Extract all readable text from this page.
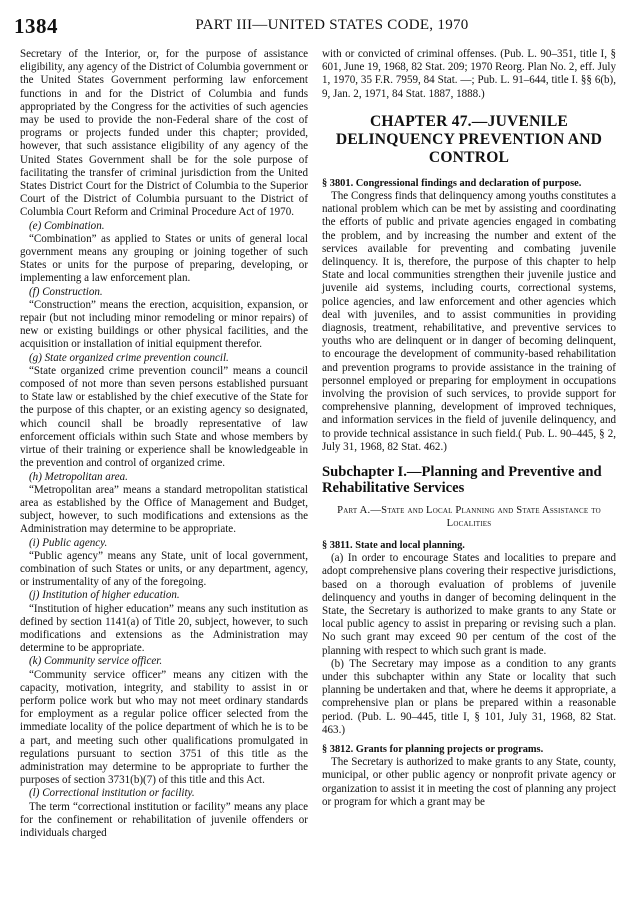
1384	PART III—UNITED STATES CODE, 1970

Secretary of the Interior, or, for the purpose of assistance eligibility, any agency of the District of Columbia government or the United States Government performing law enforcement functions in and for the District of Columbia and funds appropriated by the Congress for the activities of such agencies may be used to provide the non-Federal share of the cost of programs or projects funded under this chapter; provided, however, that such assistance eligibility of any agency of the United States Government shall be for the sole purpose of facilitating the transfer of criminal jurisdiction from the United States District Court for the District of Columbia to the Superior Court of the District of Columbia pursuant to the District of Columbia Court Reform and Criminal Procedure Act of 1970.

(e) Combination.

“Combination” as applied to States or units of general local government means any grouping or joining together of such States or units for the purpose of preparing, developing, or implementing a law enforcement plan.

(f) Construction.

“Construction” means the erection, acquisition, expansion, or repair (but not including minor remodeling or minor repairs) of new or existing buildings or other physical facilities, and the acquisition or installation of initial equipment therefor.

(g) State organized crime prevention council.

“State organized crime prevention council” means a council composed of not more than seven persons established pursuant to State law or established by the chief executive of the State for the purpose of this chapter, or an existing agency so designated, which council shall be broadly representative of law enforcement officials within such State and whose members by virtue of their training or experience shall be knowledgeable in the prevention and control of organized crime.

(h) Metropolitan area.

“Metropolitan area” means a standard metropolitan statistical area as established by the Office of Management and Budget, subject, however, to such modifications and extensions as the Administration may determine to be appropriate.

(i) Public agency.

“Public agency” means any State, unit of local government, combination of such States or units, or any department, agency, or instrumentality of any of the foregoing.

(j) Institution of higher education.

“Institution of higher education” means any such institution as defined by section 1141(a) of Title 20, subject, however, to such modifications and extensions as the Administration may determine to be appropriate.

(k) Community service officer.

“Community service officer” means any citizen with the capacity, motivation, integrity, and stability to assist in or perform police work but who may not meet ordinary standards for employment as a regular police officer selected from the immediate locality of the police department of which he is to be a part, and meeting such other qualifications promulgated in regulations pursuant to section 3751 of this title as the administration may determine to be appropriate to further the purposes of section 3731(b)(7) of this title and this Act.

(l) Correctional institution or facility.

The term “correctional institution or facility” means any place for the confinement or rehabilitation of juvenile offenders or individuals charged

with or convicted of criminal offenses. (Pub. L. 90–351, title I, § 601, June 19, 1968, 82 Stat. 209; 1970 Reorg. Plan No. 2, eff. July 1, 1970, 35 F.R. 7959, 84 Stat. —; Pub. L. 91–644, title I. §§ 6(b), 9, Jan. 2, 1971, 84 Stat. 1887, 1888.)

CHAPTER 47.—JUVENILE DELINQUENCY PREVENTION AND CONTROL

§ 3801. Congressional findings and declaration of purpose.

The Congress finds that delinquency among youths constitutes a national problem which can be met by assisting and coordinating the efforts of public and private agencies engaged in combating the problem, and by increasing the number and extent of the services available for preventing and combating juvenile delinquency. It is, therefore, the purpose of this chapter to help State and local communities strengthen their juvenile justice and juvenile aid systems, including courts, correctional systems, police agencies, and law enforcement and other agencies which deal with juveniles, and to assist communities in providing diagnosis, treatment, rehabilitative, and preventive services to youths who are delinquent or in danger of becoming delinquent, to encourage the development of community-based rehabilitation and prevention programs to provide assistance in the training of personnel employed or preparing for employment in occupations involving the provision of such services, to provide support for comprehensive planning, development of improved techniques, and information services in the field of juvenile delinquency, and to provide technical assistance in such field.( Pub. L. 90–445, § 2, July 31, 1968, 82 Stat. 462.)

Subchapter I.—Planning and Preventive and Rehabilitative Services

Part A.—State and Local Planning and State Assistance to Localities

§ 3811. State and local planning.

(a) In order to encourage States and localities to prepare and adopt comprehensive plans covering their respective jurisdictions, based on a thorough evaluation of problems of juvenile delinquency and youths in danger of becoming delinquent in the State, the Secretary is authorized to make grants to any State or local public agency to assist in preparing or revising such a plan. No such grant may exceed 90 per centum of the cost of the planning with respect to which such grant is made.

(b) The Secretary may impose as a condition to any grants under this subchapter within any State or locality that such planning be undertaken and that, where he deems it appropriate, a comprehensive plan or plans be prepared within a reasonable period. (Pub. L. 90–445, title I, § 101, July 31, 1968, 82 Stat. 463.)

§ 3812. Grants for planning projects or programs.

The Secretary is authorized to make grants to any State, county, municipal, or other public agency or nonprofit private agency or organization to assist it in meeting the cost of planning any project or program for which a grant may be
